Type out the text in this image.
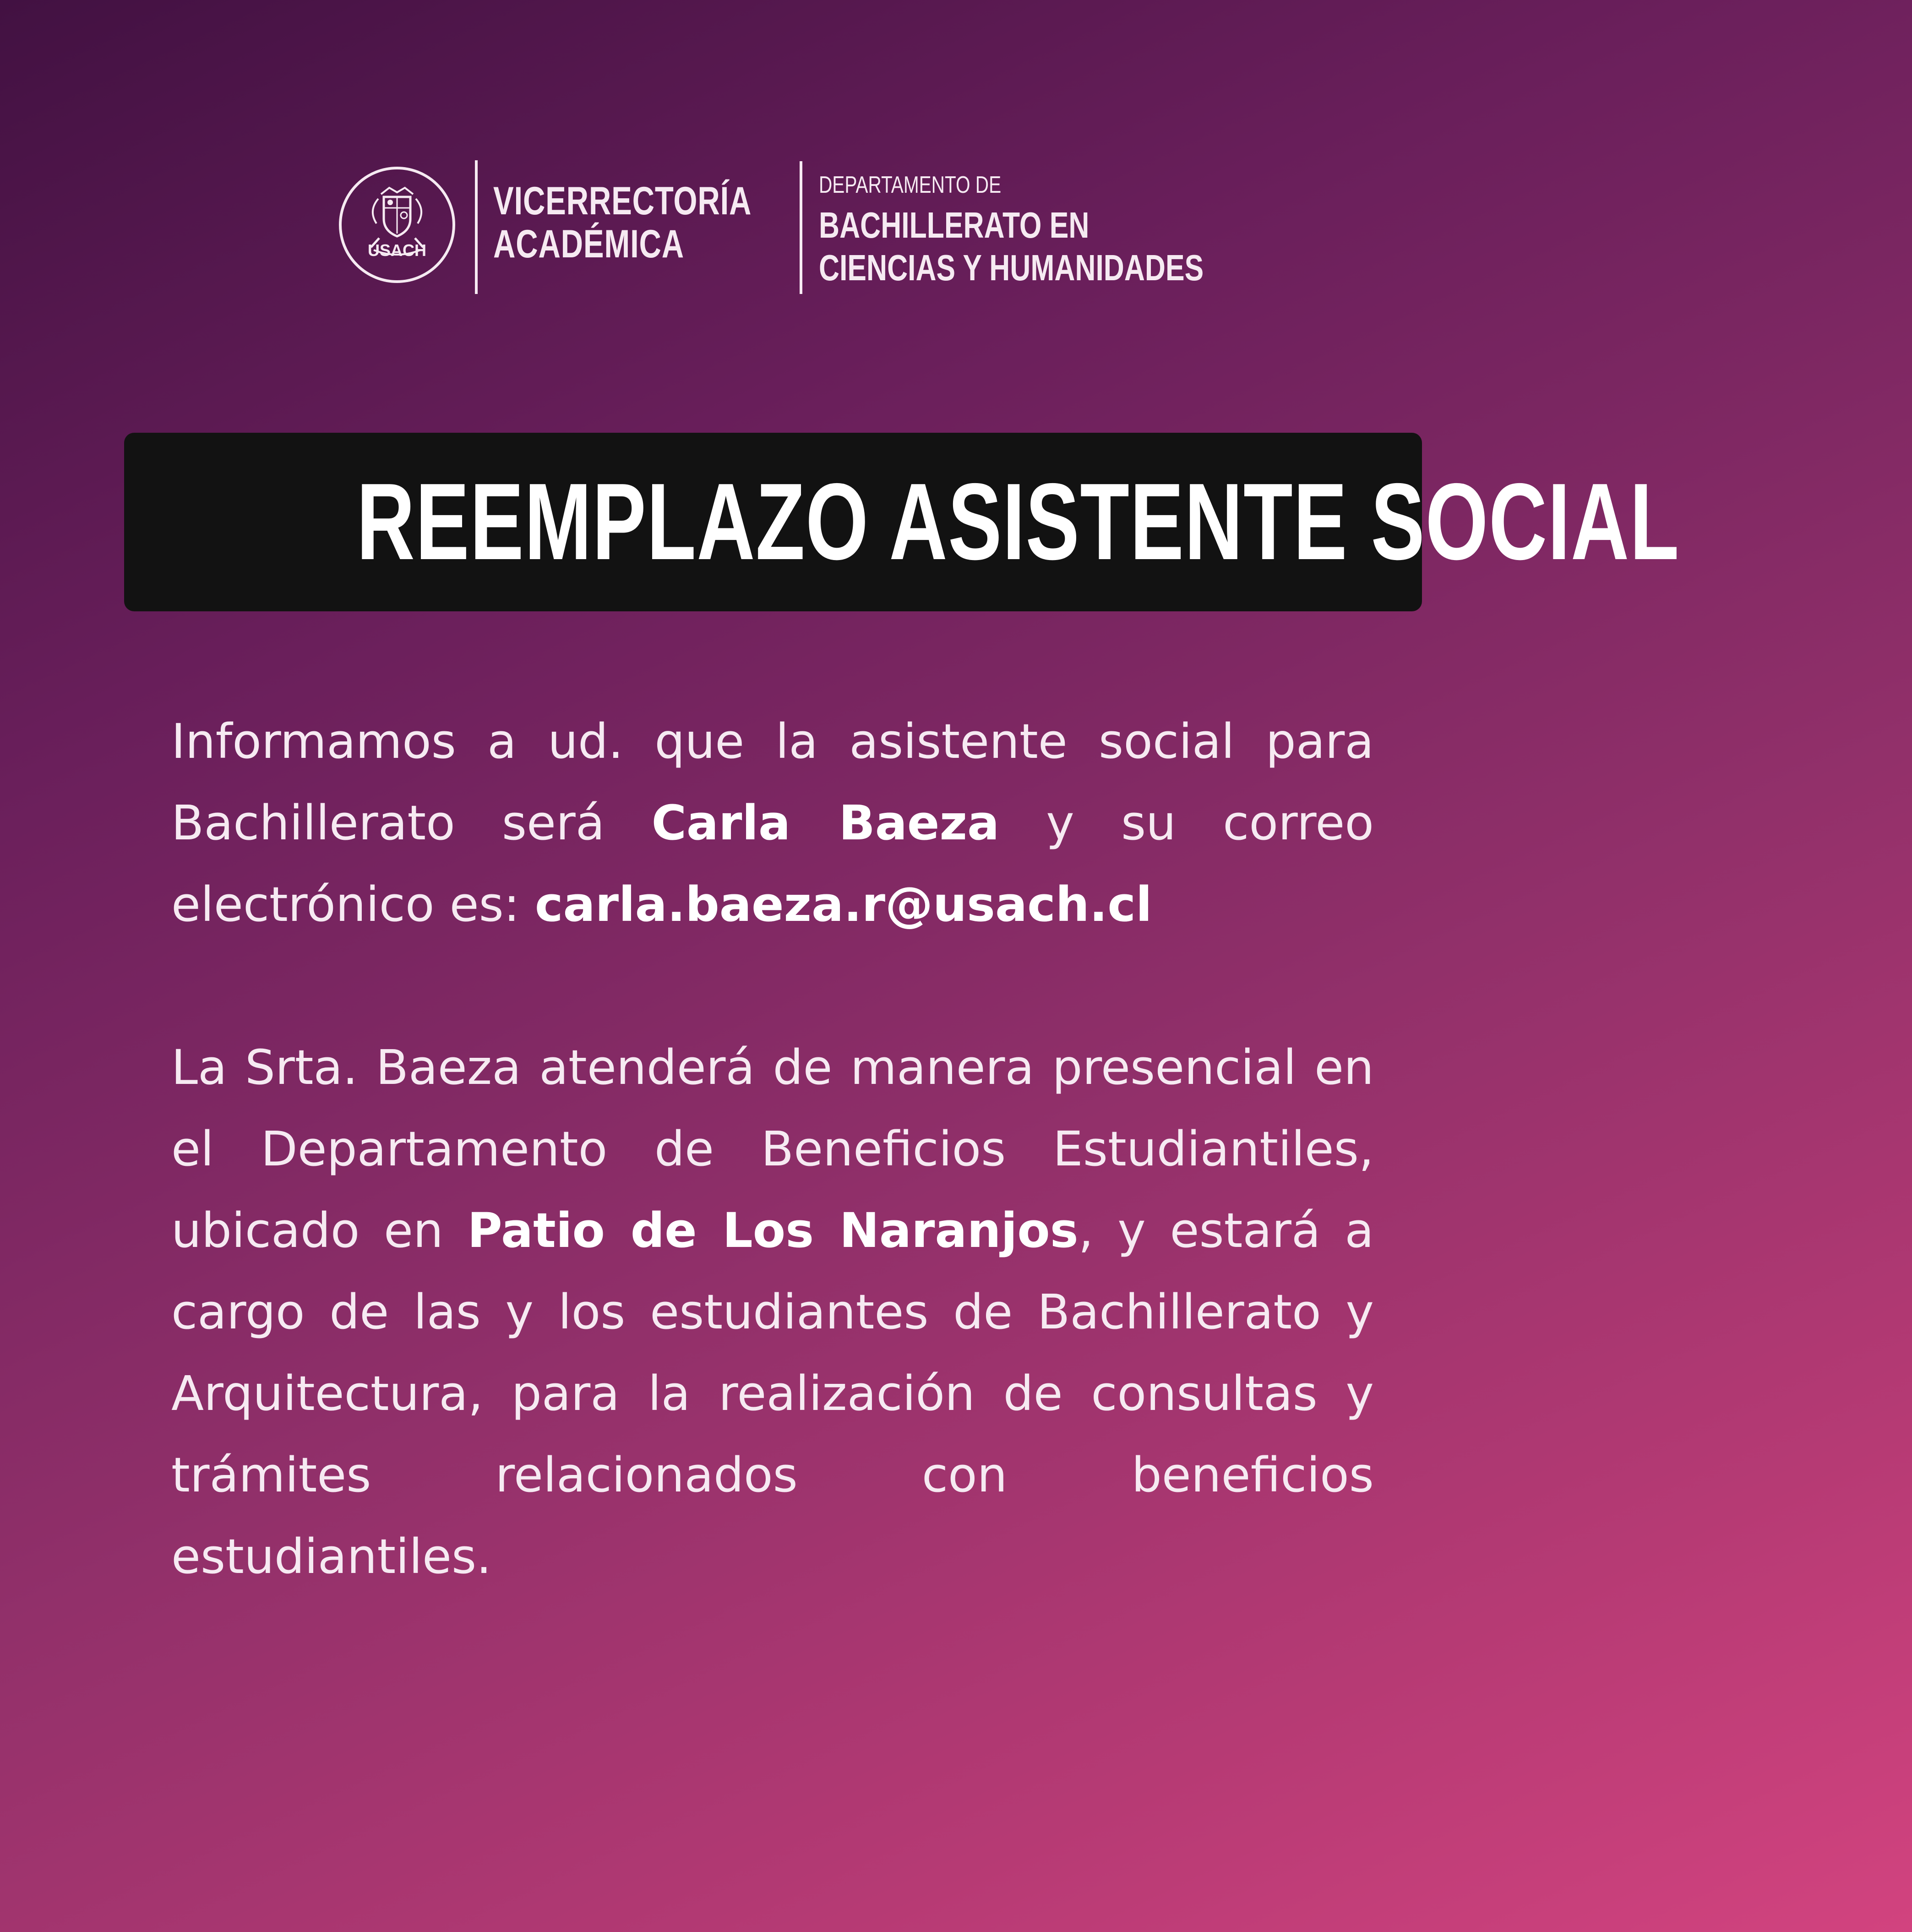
USACH
VICERRECTORÍA
ACADÉMICA
DEPARTAMENTO DE
BACHILLERATO EN
CIENCIAS Y HUMANIDADES
REEMPLAZO ASISTENTE SOCIAL

Informamos a ud. que la asistente social para Bachillerato será Carla Baeza y su correo electrónico es: carla.baeza.r@usach.cl

La Srta. Baeza atenderá de manera presencial en el Departamento de Beneficios Estudiantiles, ubicado en Patio de Los Naranjos, y estará a cargo de las y los estudiantes de Bachillerato y Arquitectura, para la realización de consultas y trámites relacionados con beneficios estudiantiles.
